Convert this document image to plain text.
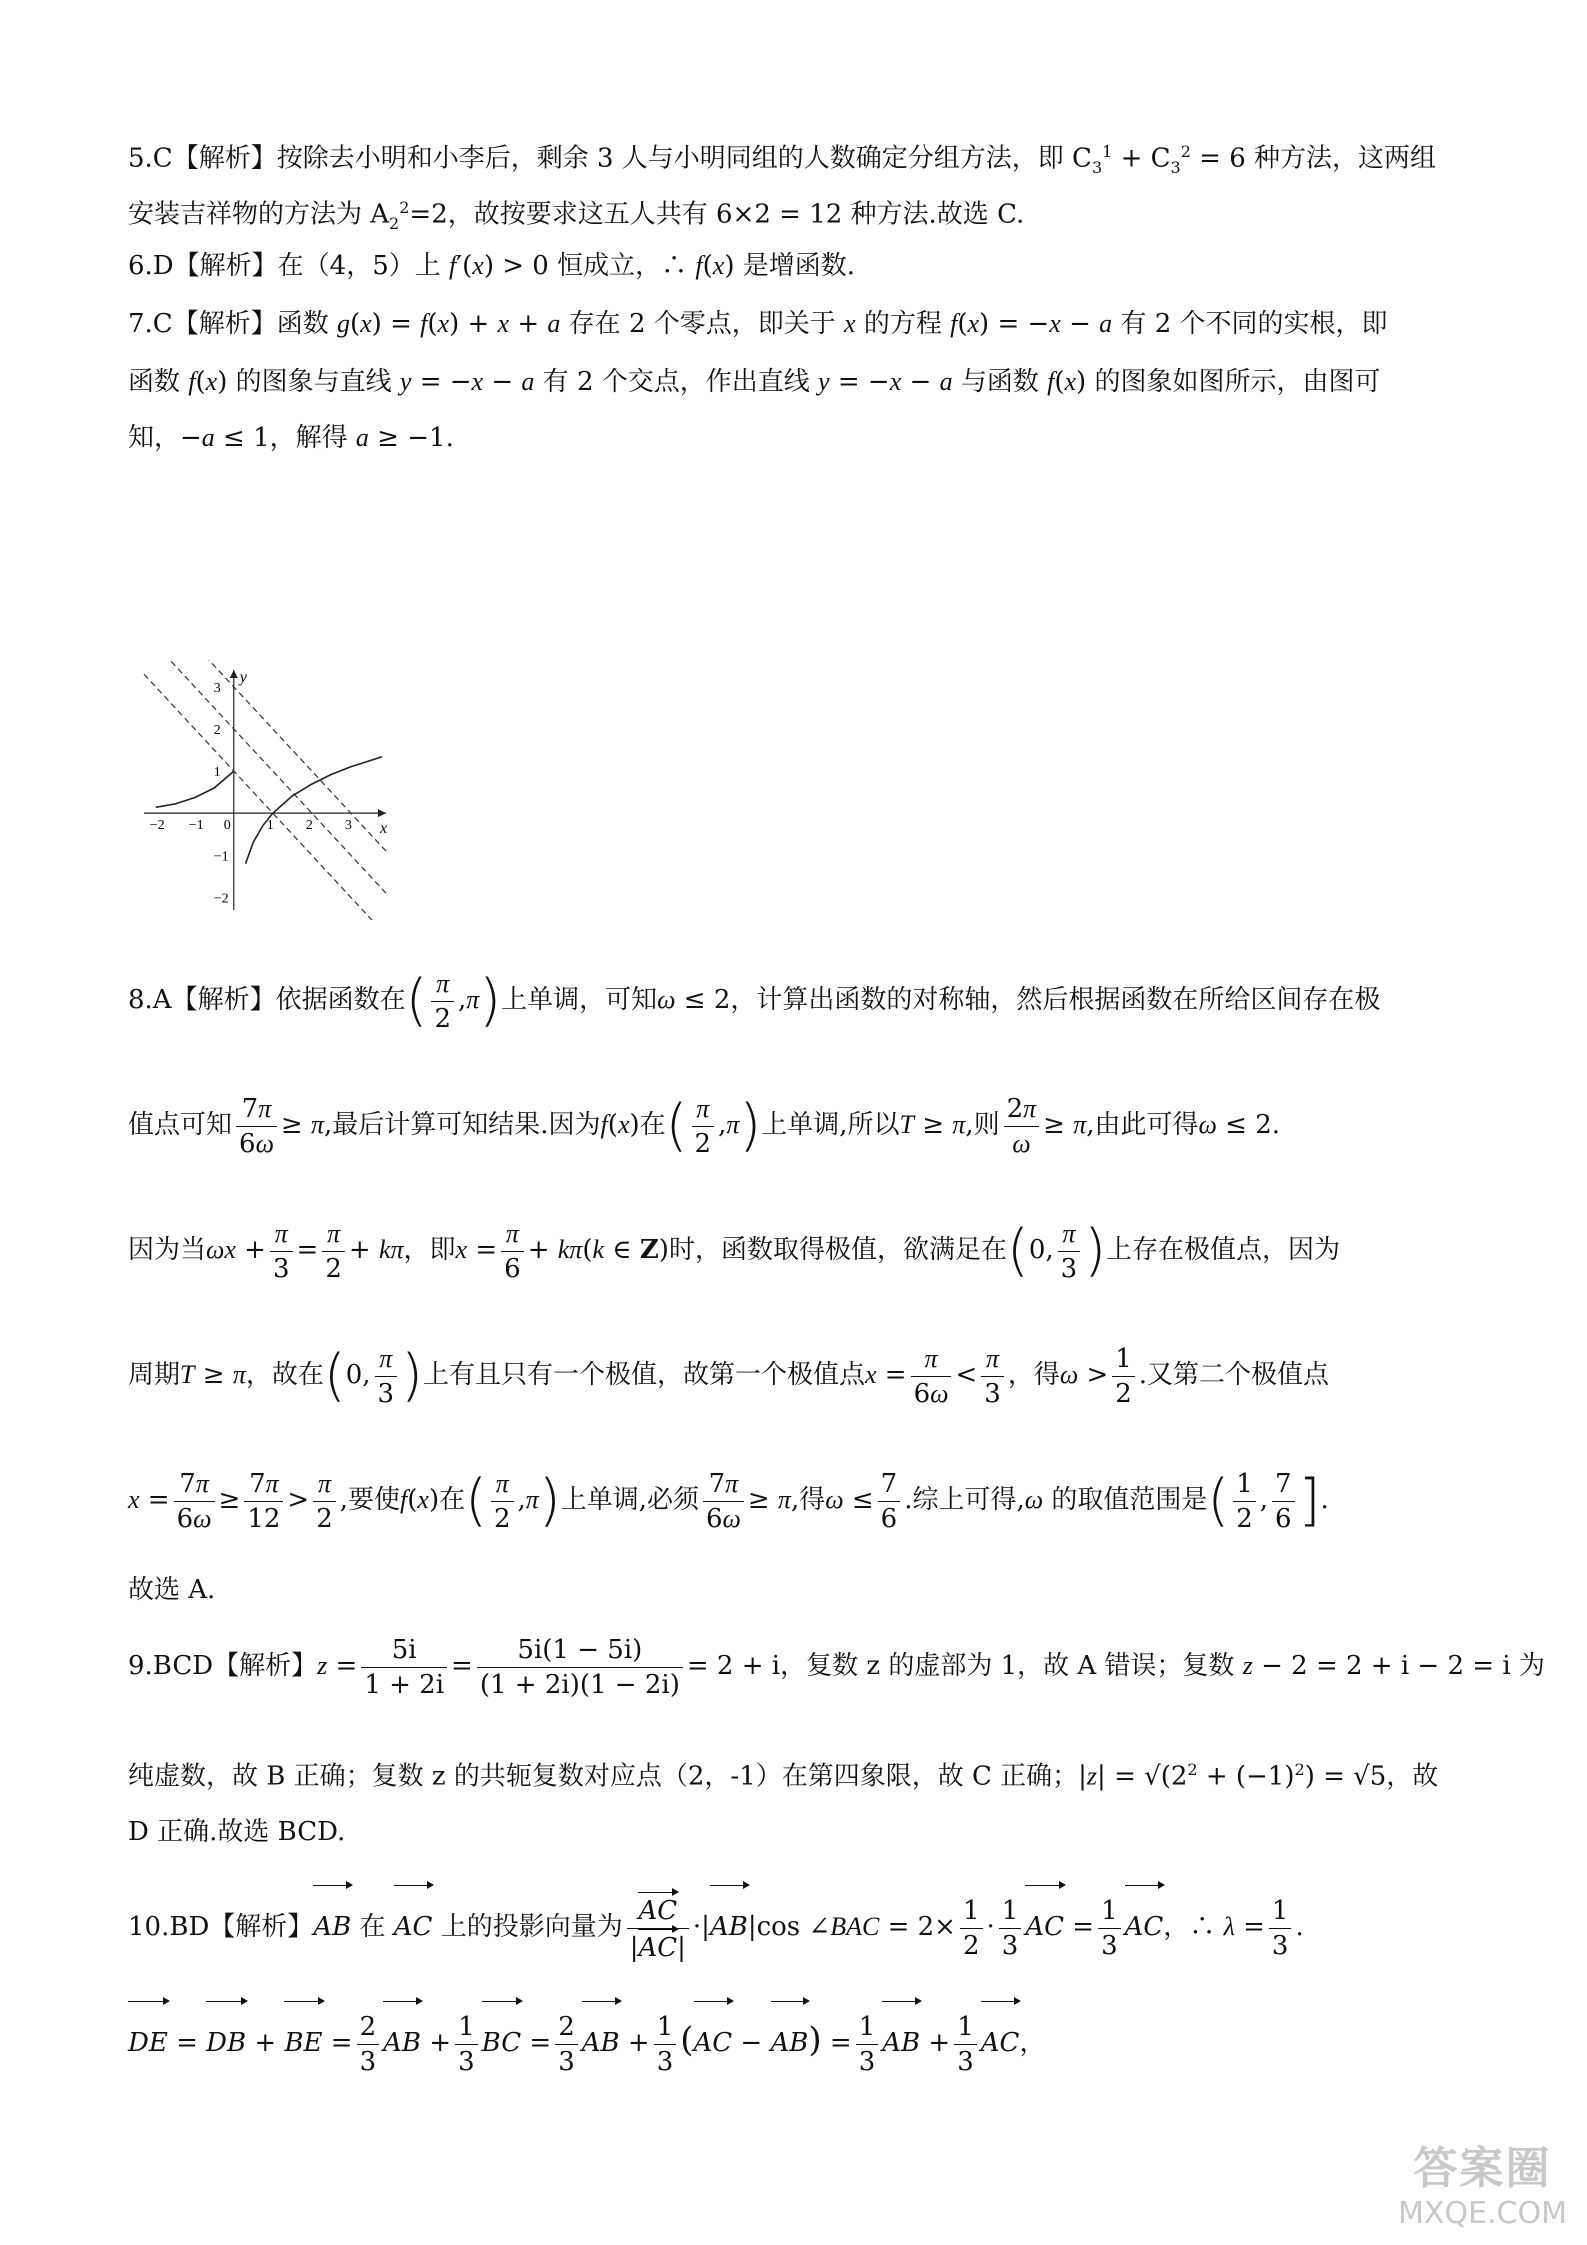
5.C【解析】按除去小明和小李后，剩余 3 人与小明同组的人数确定分组方法，即 $C_3^1 + C_3^2 = 6$ 种方法，这两组
安装吉祥物的方法为 $A_2^2=2$，故按要求这五人共有 6×2 = 12 种方法.故选 C.
6.D【解析】在（4，5）上 f′(x) > 0 恒成立，∴ f(x) 是增函数.
7.C【解析】函数 g(x) = f(x) + x + a 存在 2 个零点，即关于 x 的方程 f(x) = −x − a 有 2 个不同的实根，即
函数 f(x) 的图象与直线 y = −x − a 有 2 个交点，作出直线 y = −x − a 与函数 f(x) 的图象如图所示，由图可
知，−a ≤ 1，解得 a ≥ −1.
x
y
−2 −1 0	1 2 3
3
2
1
−1
−2
8.A【解析】依据函数在( $\frac{\pi}{2} ,\pi$)上单调，可知ω ≤ 2，计算出函数的对称轴，然后根据函数在所给区间存在极
值点可知 $\frac{7\pi}{6\omega} \ge \pi$,最后计算可知结果.因为f(x)在( $\frac{\pi}{2} ,\pi$)上单调,所以T ≥ π,则 $\frac{2\pi}{\omega} \ge \pi$,由此可得ω ≤ 2.
因为当$\omega x + \frac{\pi}{3} = \frac{\pi}{2} + k\pi$，即$x = \frac{\pi}{6} + k\pi(k$ ∈ Z)时，函数取得极值，欲满足在(0, $\frac{\pi}{3}$ )上存在极值点，因为
周期T ≥ π，故在(0, $\frac{\pi}{3}$ )上有且只有一个极值，故第一个极值点$x = \frac{\pi}{6\omega} < \frac{\pi}{3}$ ，得$\omega > \frac{1}{2}$ .又第二个极值点
$x = \frac{7\pi}{6\omega} \ge \frac{7\pi}{12} > \frac{\pi}{2}$ ,要使f(x)在( $\frac{\pi}{2} ,\pi$)上单调,必须 $\frac{7\pi}{6\omega} \ge \pi$,得$\omega \le \frac{7}{6}$ .综上可得,ω 的取值范围是( $\frac{1}{2}$ , $\frac{7}{6}$ ].
故选 A.
9.BCD【解析】$z = \frac{5i}{1 + 2i} = \frac{5i(1 - 5i)}{(1 + 2i)(1 - 2i)} = 2 + i$，复数 z 的虚部为 1，故 A 错误；复数 z − 2 = 2 + i − 2 = i 为
纯虚数，故 B 正确；复数 z 的共轭复数对应点（2，-1）在第四象限，故 C 正确；$|z| = √(2^2 + (-1)^2) = √5$，故
D 正确.故选 BCD.
10.BD【解析】AB 在 AC 上的投影向量为 $\frac{AC}{|AC|} \cdot|AB|\cos$ ∠BAC = $2\times \frac{1}{2} \cdot \frac{1}{3}$ AC = $\frac{1}{3}$ AC，∴ $\lambda = \frac{1}{3}$ .
DE = DB + BE = $\frac{2}{3}$ AB + $\frac{1}{3}$ BC = $\frac{2}{3}$ AB + $\frac{1}{3} (AC - AB) = \frac{1}{3}$ AB + $\frac{1}{3}$ AC，
答案圈
MXQE.COM
